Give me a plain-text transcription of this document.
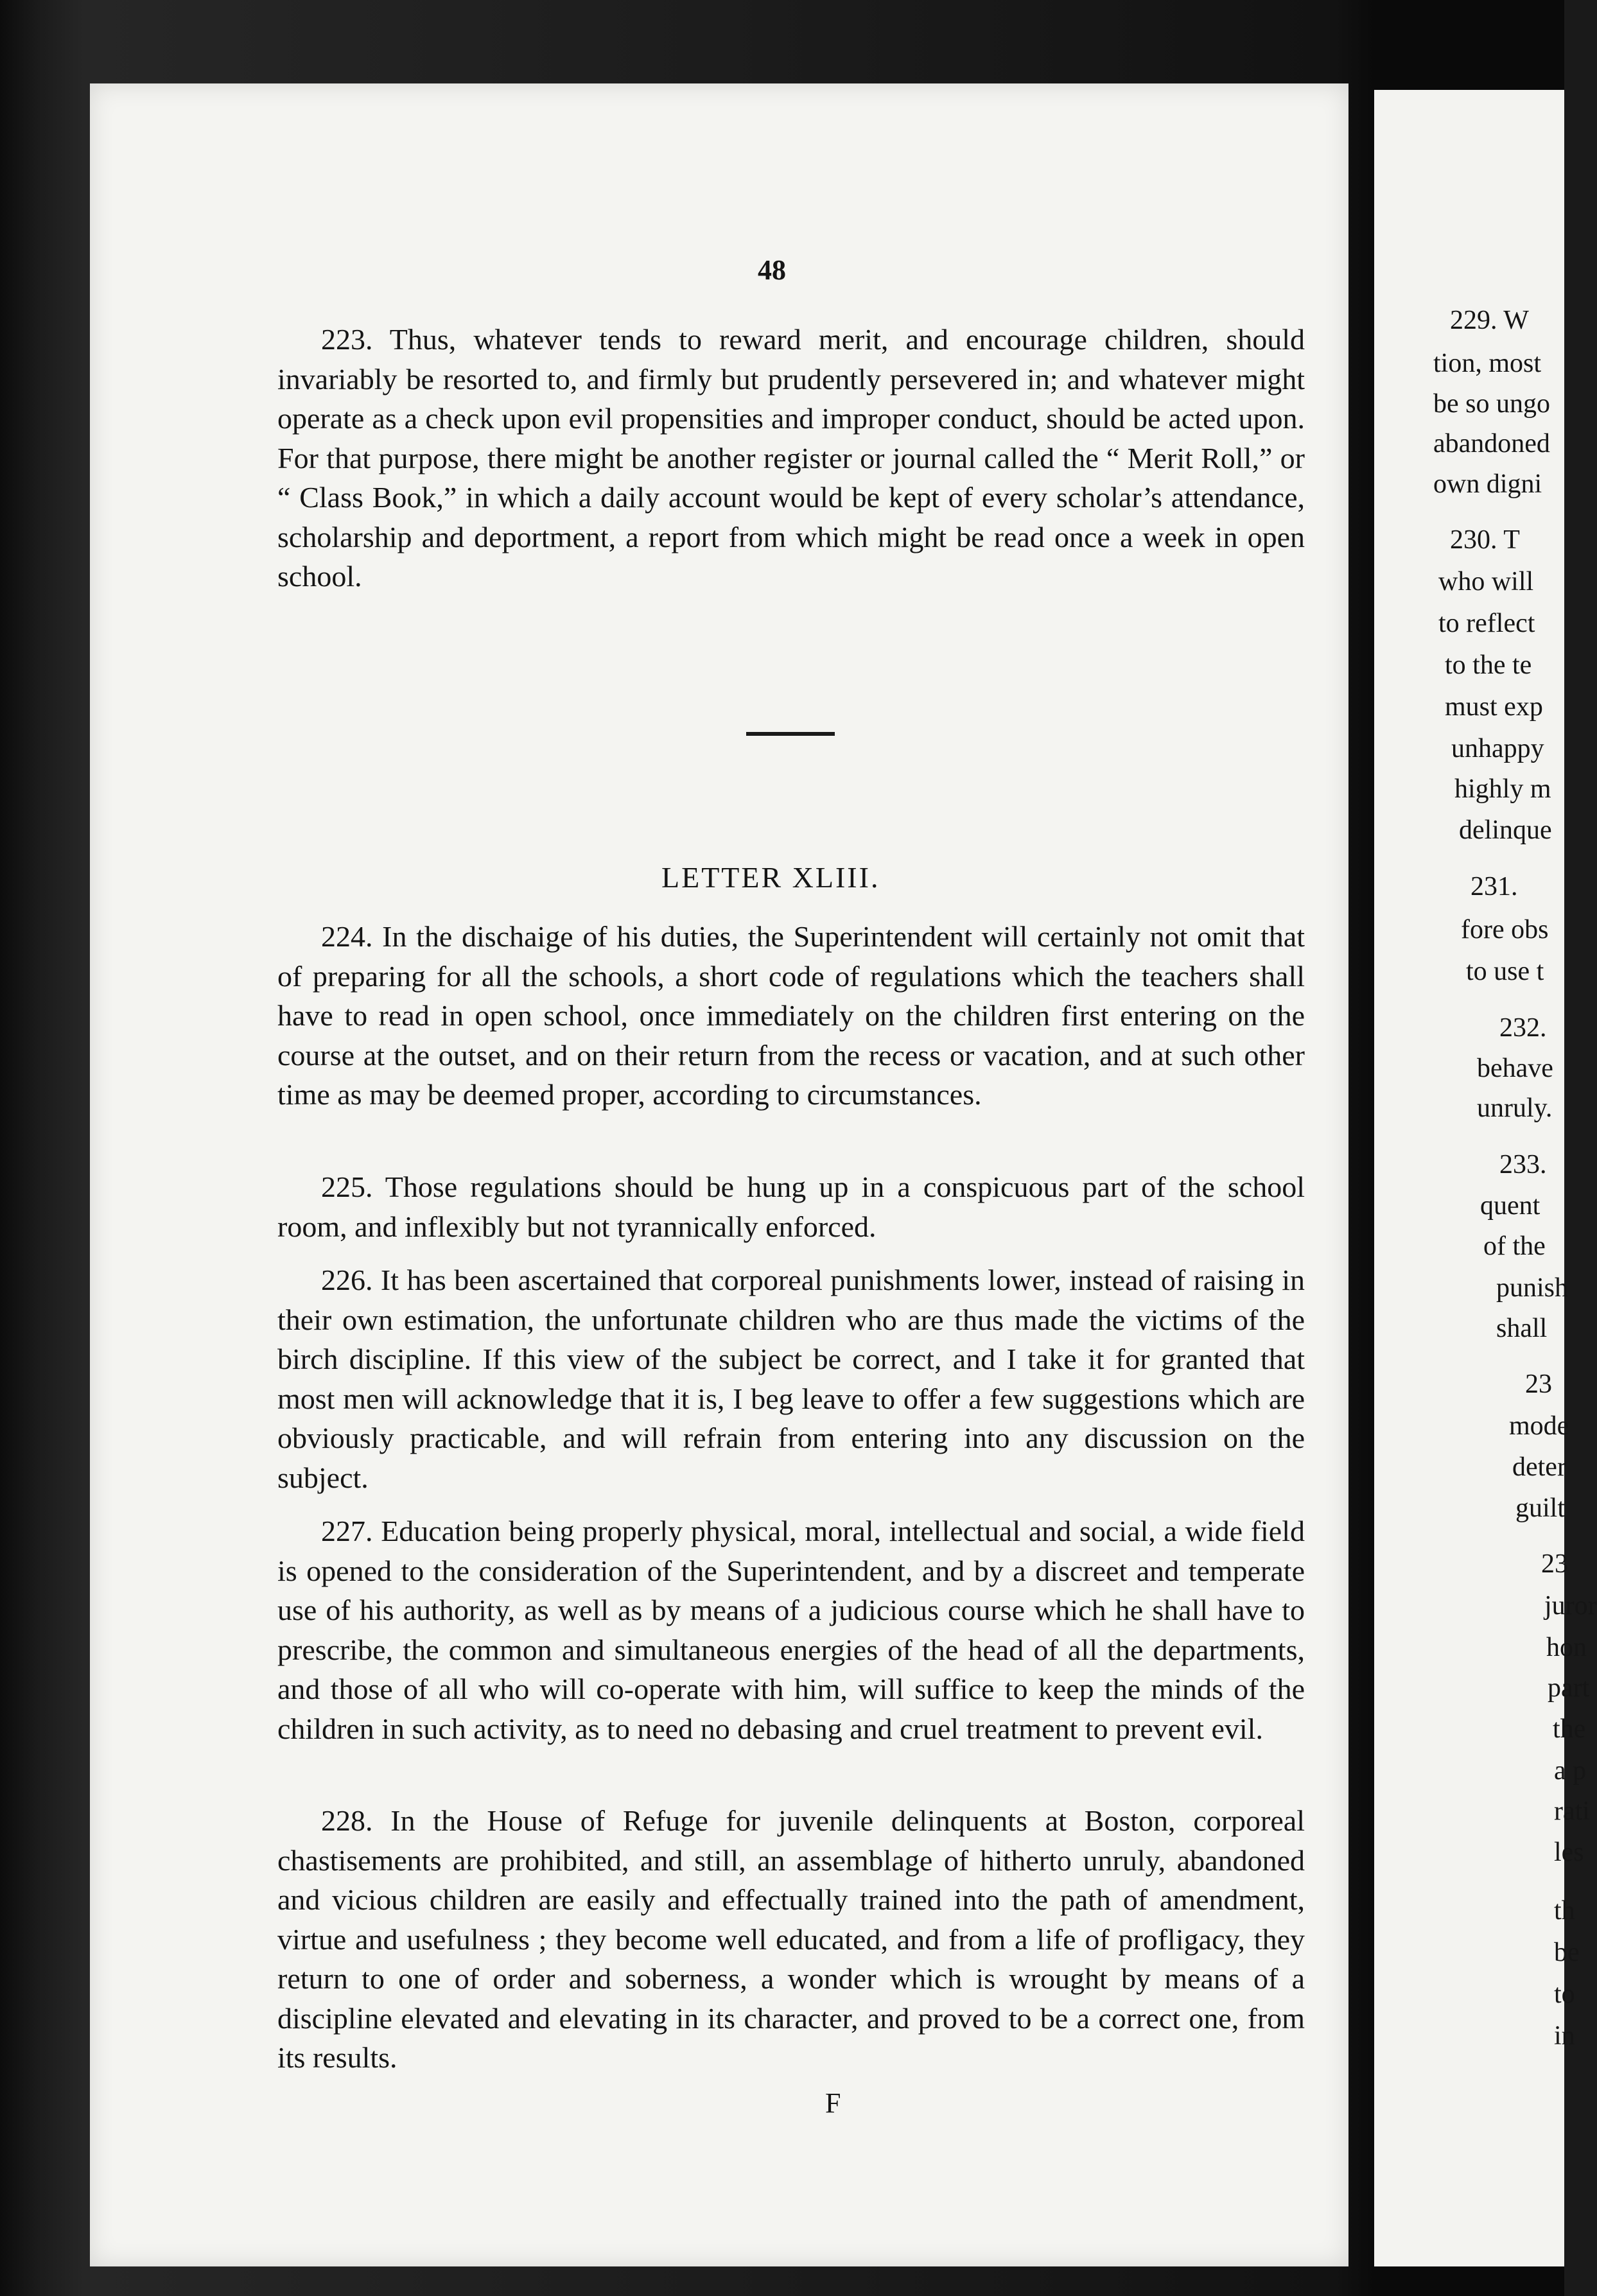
48

223. Thus, whatever tends to reward merit, and encourage children, should invariably be resorted to, and firmly but prudently persevered in; and whatever might operate as a check upon evil propensities and improper conduct, should be acted upon. For that purpose, there might be another register or journal called the “ Merit Roll,” or “ Class Book,” in which a daily account would be kept of every scholar’s attendance, scholarship and deportment, a report from which might be read once a week in open school.

LETTER XLIII.

224. In the dischaige of his duties, the Superintendent will certainly not omit that of preparing for all the schools, a short code of regulations which the teachers shall have to read in open school, once immediately on the children first entering on the course at the outset, and on their return from the recess or vacation, and at such other time as may be deemed proper, according to circumstances.

225. Those regulations should be hung up in a conspicuous part of the school room, and inflexibly but not tyrannically enforced.

226. It has been ascertained that corporeal punishments lower, instead of raising in their own estimation, the unfortunate children who are thus made the victims of the birch discipline. If this view of the subject be correct, and I take it for granted that most men will acknowledge that it is, I beg leave to offer a few suggestions which are obviously practicable, and will refrain from entering into any discussion on the subject.

227. Education being properly physical, moral, intellectual and social, a wide field is opened to the consideration of the Superintendent, and by a discreet and temperate use of his authority, as well as by means of a judicious course which he shall have to prescribe, the common and simultaneous energies of the head of all the departments, and those of all who will co-operate with him, will suffice to keep the minds of the children in such activity, as to need no debasing and cruel treatment to prevent evil.

228. In the House of Refuge for juvenile delinquents at Boston, corporeal chastisements are prohibited, and still, an assemblage of hitherto unruly, abandoned and vicious children are easily and effectually trained into the path of amendment, virtue and usefulness ; they become well educated, and from a life of profligacy, they return to one of order and soberness, a wonder which is wrought by means of a discipline elevated and elevating in its character, and proved to be a correct one, from its results.

F
229. W
tion, most
be so ungo
abandoned
own digni
230. T
who will
to reflect
to the te
must exp
unhappy
highly m
delinque
231.
fore obs
to use t
232.
behave
unruly.
233.
quent
of the
punish
shall
23
mode
deter
guilt
23
juror
hon
part
the
a p
rati
les
th
be
to
in
